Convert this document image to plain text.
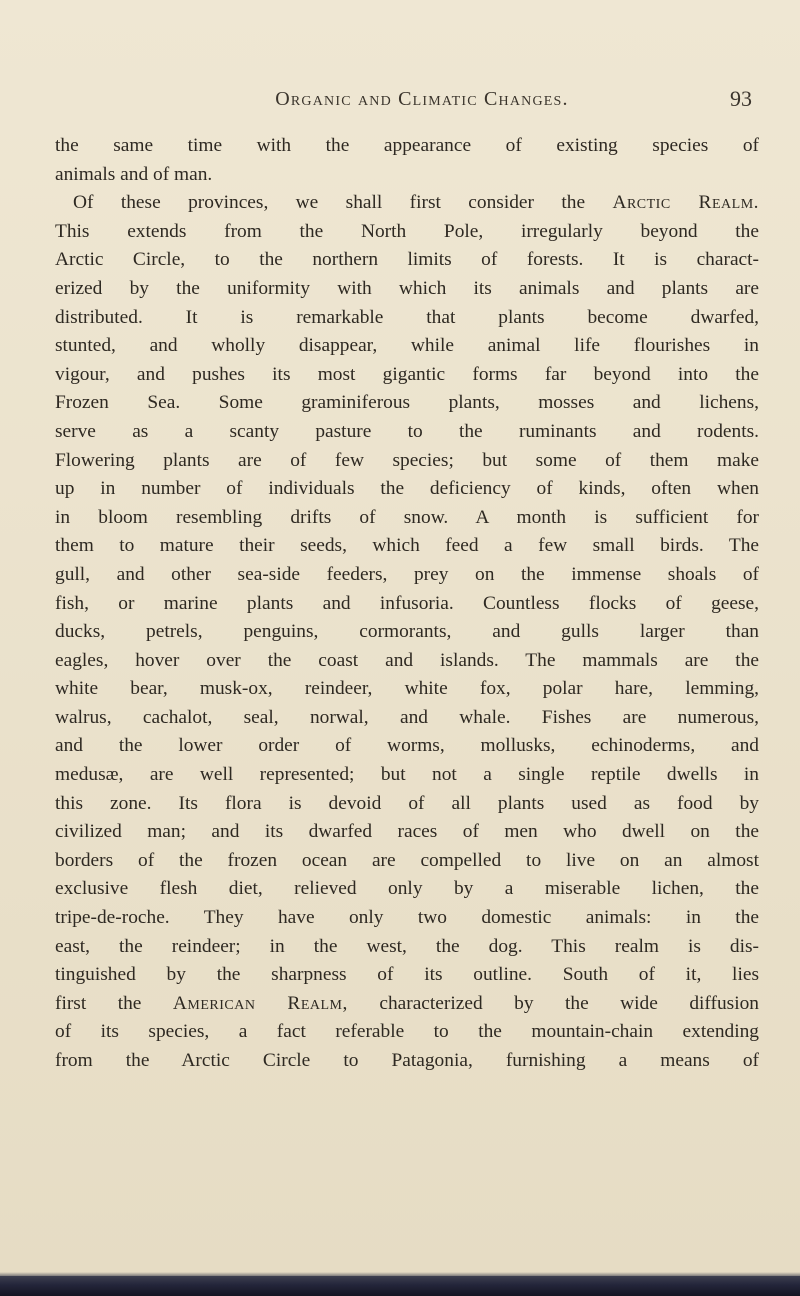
Organic and Climatic Changes.	93
the same time with the appearance of existing species of
animals and of man.
Of these provinces, we shall first consider the Arctic Realm.
This extends from the North Pole, irregularly beyond the
Arctic Circle, to the northern limits of forests. It is charact-
erized by the uniformity with which its animals and plants are
distributed. It is remarkable that plants become dwarfed,
stunted, and wholly disappear, while animal life flourishes in
vigour, and pushes its most gigantic forms far beyond into the
Frozen Sea. Some graminiferous plants, mosses and lichens,
serve as a scanty pasture to the ruminants and rodents.
Flowering plants are of few species; but some of them make
up in number of individuals the deficiency of kinds, often when
in bloom resembling drifts of snow. A month is sufficient for
them to mature their seeds, which feed a few small birds. The
gull, and other sea-side feeders, prey on the immense shoals of
fish, or marine plants and infusoria. Countless flocks of geese,
ducks, petrels, penguins, cormorants, and gulls larger than
eagles, hover over the coast and islands. The mammals are the
white bear, musk-ox, reindeer, white fox, polar hare, lemming,
walrus, cachalot, seal, norwal, and whale. Fishes are numerous,
and the lower order of worms, mollusks, echinoderms, and
medusæ, are well represented; but not a single reptile dwells in
this zone. Its flora is devoid of all plants used as food by
civilized man; and its dwarfed races of men who dwell on the
borders of the frozen ocean are compelled to live on an almost
exclusive flesh diet, relieved only by a miserable lichen, the
tripe-de-roche. They have only two domestic animals: in the
east, the reindeer; in the west, the dog. This realm is dis-
tinguished by the sharpness of its outline. South of it, lies
first the American Realm, characterized by the wide diffusion
of its species, a fact referable to the mountain-chain extending
from the Arctic Circle to Patagonia, furnishing a means of
